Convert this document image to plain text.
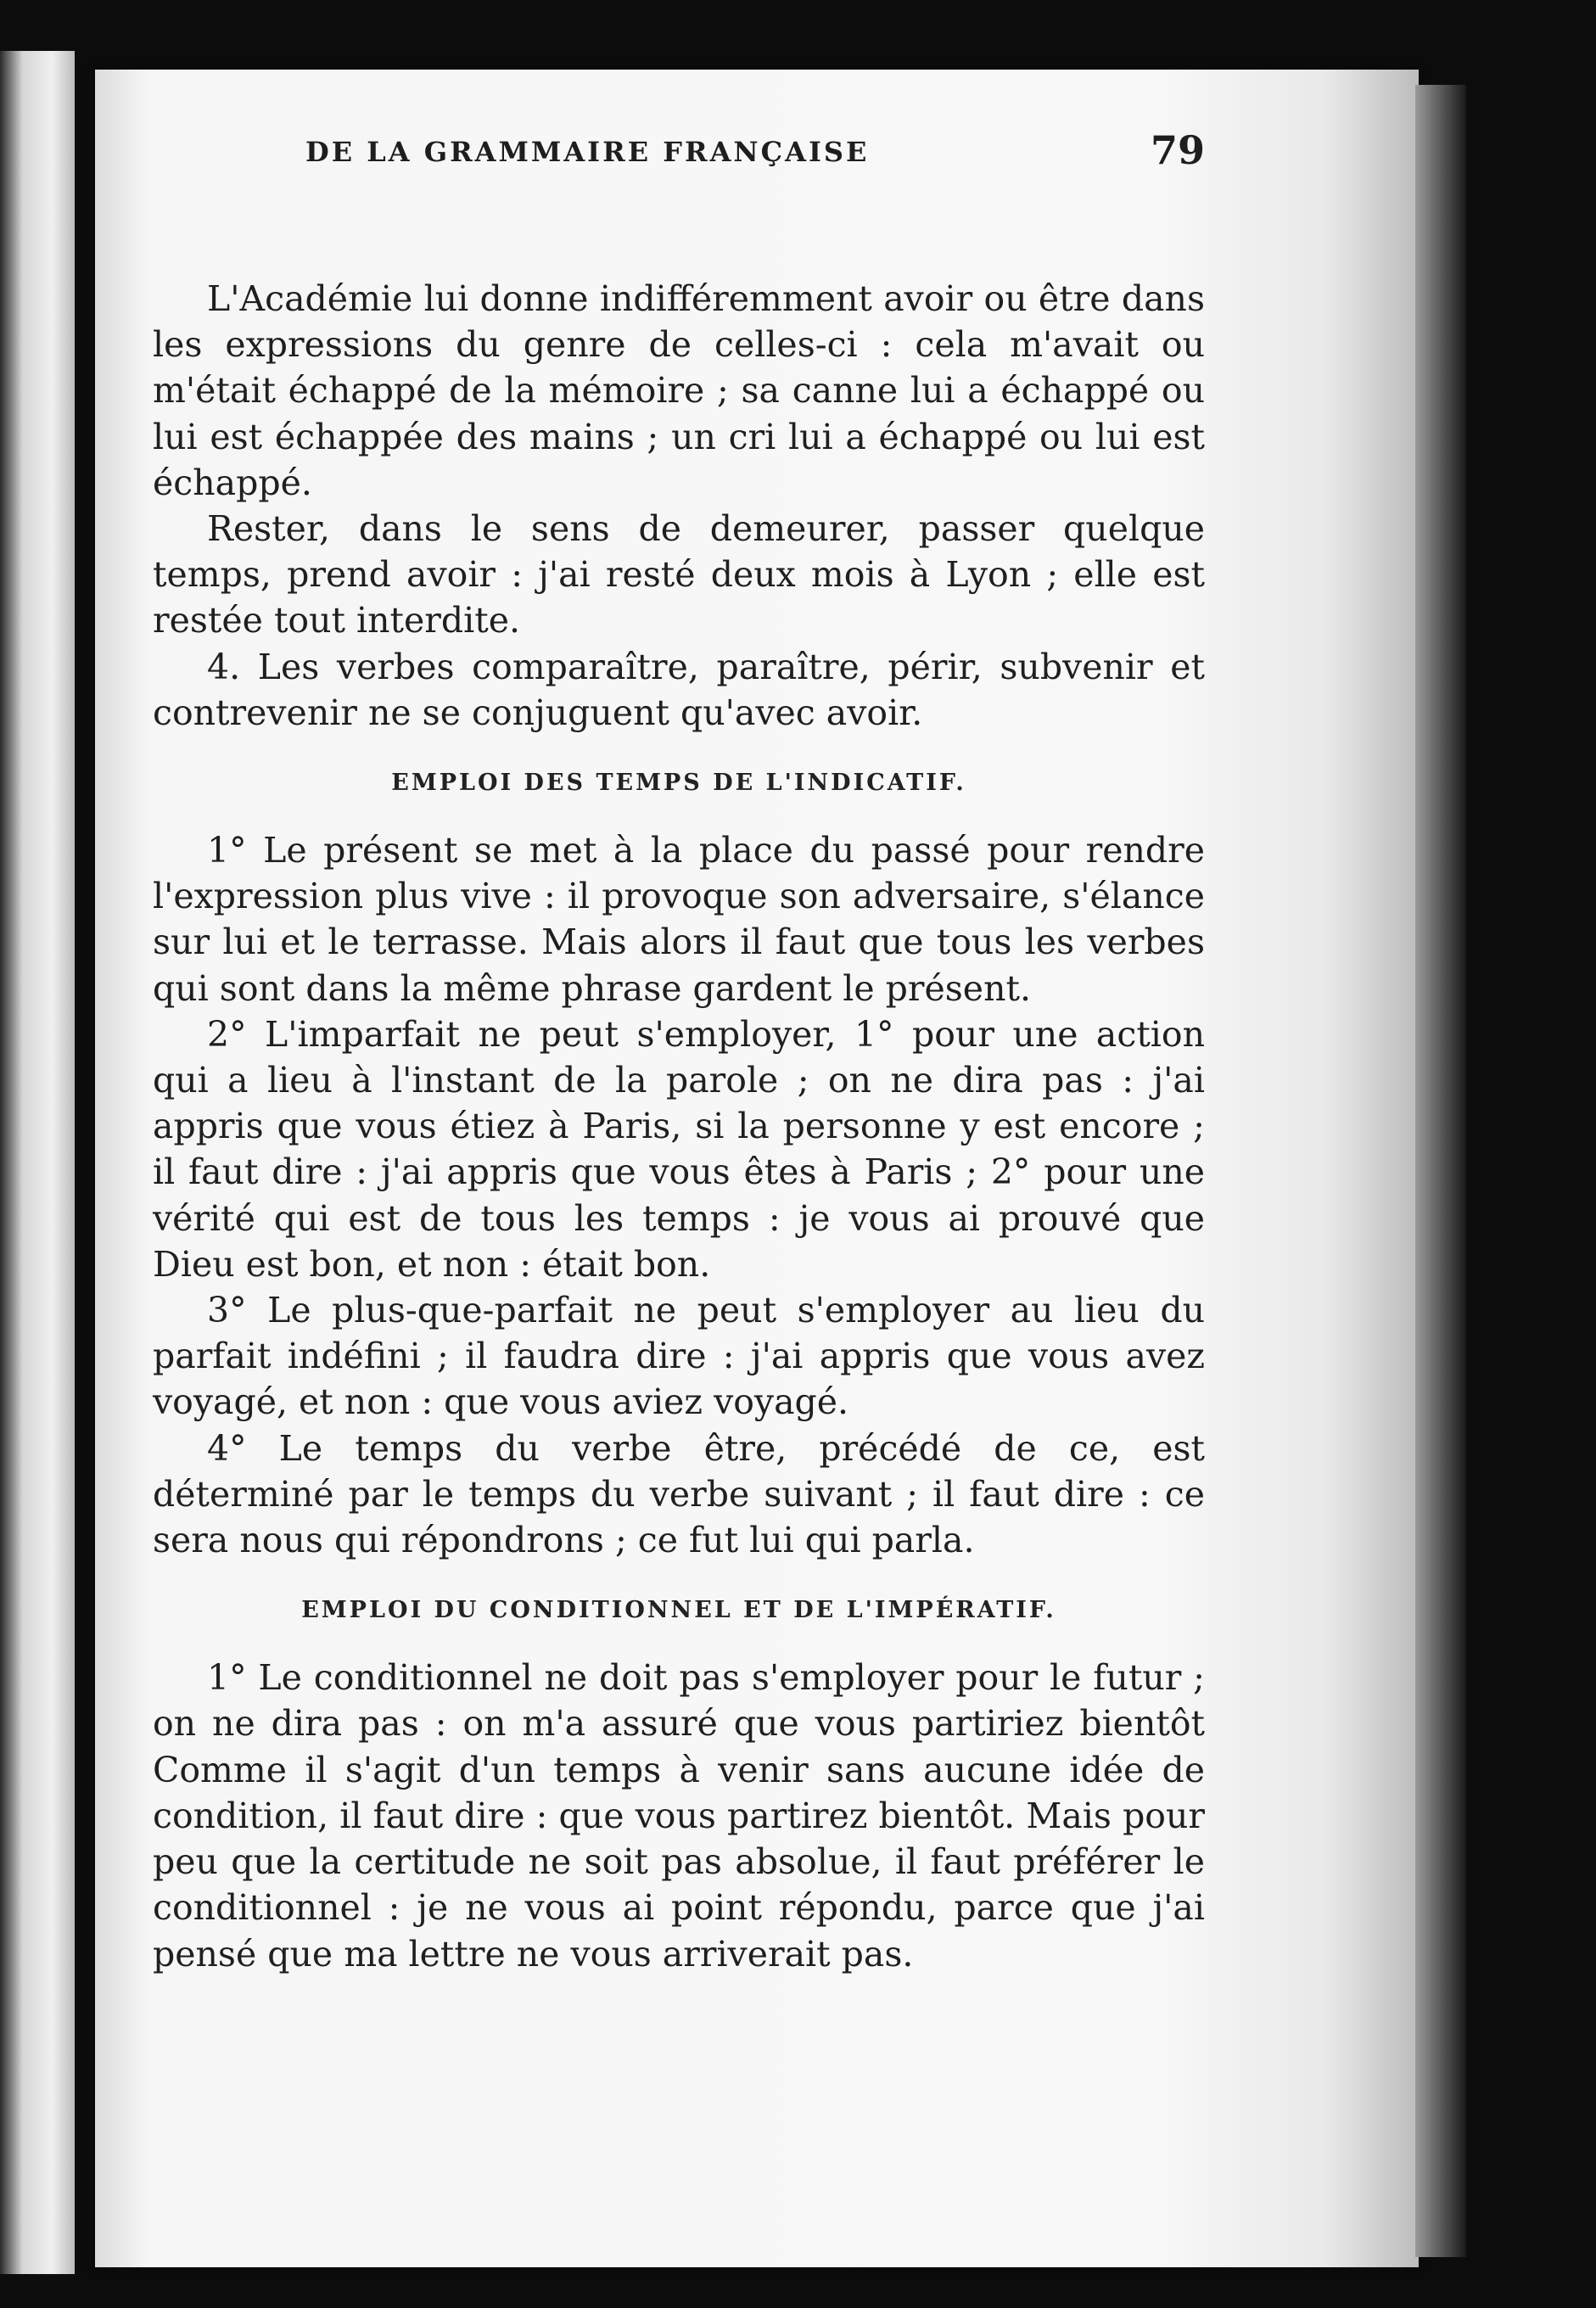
DE LA GRAMMAIRE FRANÇAISE	79

L'Académie lui donne indifféremment avoir ou être dans les expressions du genre de celles-ci : cela m'avait ou m'était échappé de la mémoire ; sa canne lui a échappé ou lui est échappée des mains ; un cri lui a échappé ou lui est échappé.

Rester, dans le sens de demeurer, passer quelque temps, prend avoir : j'ai resté deux mois à Lyon ; elle est restée tout interdite.

4. Les verbes comparaître, paraître, périr, subvenir et contrevenir ne se conjuguent qu'avec avoir.

EMPLOI DES TEMPS DE L'INDICATIF.

1° Le présent se met à la place du passé pour rendre l'expression plus vive : il provoque son adversaire, s'élance sur lui et le terrasse. Mais alors il faut que tous les verbes qui sont dans la même phrase gardent le présent.

2° L'imparfait ne peut s'employer, 1° pour une action qui a lieu à l'instant de la parole ; on ne dira pas : j'ai appris que vous étiez à Paris, si la personne y est encore ; il faut dire : j'ai appris que vous êtes à Paris ; 2° pour une vérité qui est de tous les temps : je vous ai prouvé que Dieu est bon, et non : était bon.

3° Le plus-que-parfait ne peut s'employer au lieu du parfait indéfini ; il faudra dire : j'ai appris que vous avez voyagé, et non : que vous aviez voyagé.

4° Le temps du verbe être, précédé de ce, est déterminé par le temps du verbe suivant ; il faut dire : ce sera nous qui répondrons ; ce fut lui qui parla.

EMPLOI DU CONDITIONNEL ET DE L'IMPÉRATIF.

1° Le conditionnel ne doit pas s'employer pour le futur ; on ne dira pas : on m'a assuré que vous partiriez bientôt Comme il s'agit d'un temps à venir sans aucune idée de condition, il faut dire : que vous partirez bientôt. Mais pour peu que la certitude ne soit pas absolue, il faut préférer le conditionnel : je ne vous ai point répondu, parce que j'ai pensé que ma lettre ne vous arriverait pas.
